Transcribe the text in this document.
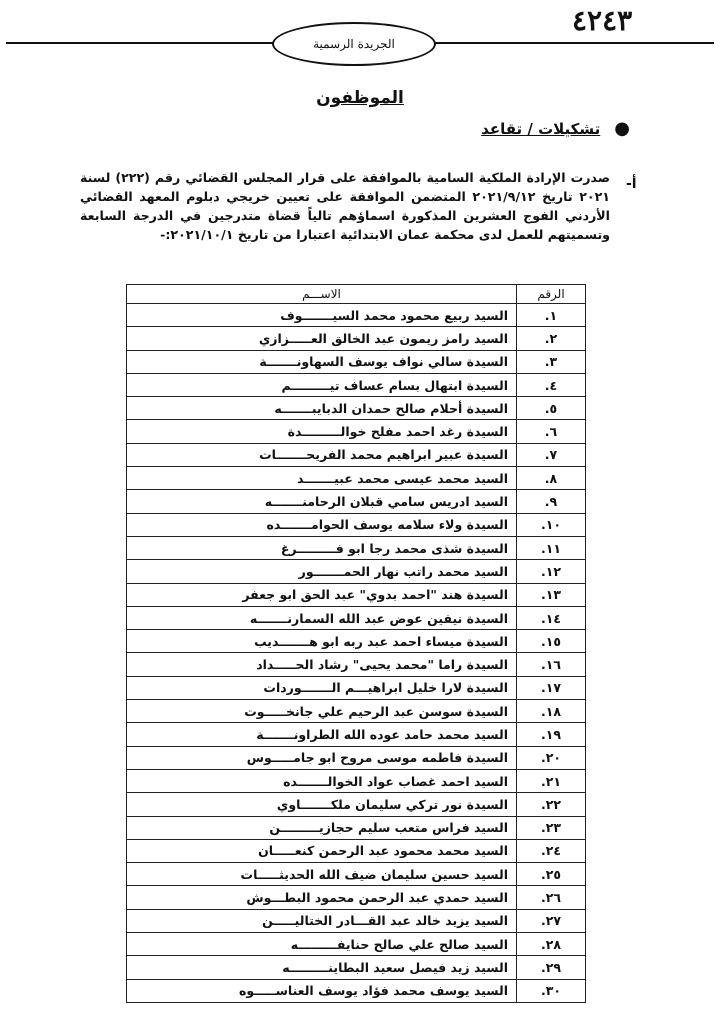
٤٢٤٣
الجريدة الرسمية
الموظفون
●
تشكيلات / تقاعد
أ-
صدرت الإرادة الملكية السامية بالموافقة على قرار المجلس القضائي رقم (٢٢٢) لسنة ٢٠٢١ تاريخ ٢٠٢١/٩/١٢ المتضمن الموافقة على تعيين خريجي دبلوم المعهد القضائي الأردني الفوج العشرين المذكورة اسماؤهم تالياً قضاة متدرجين في الدرجة السابعة وتسميتهم للعمل لدى محكمة عمان الابتدائية اعتبارا من تاريخ ٢٠٢١/١٠/١:-
الرقم	الاســـم
١.	السيد ربيع محمود محمد السيـــــــوف
٢.	السيد رامز ريمون عبد الخالق العـــــزازي
٣.	السيدة سالي نواف يوسف السهاونـــــــة
٤.	السيدة ابتهال بسام عساف تيـــــــــم
٥.	السيدة أحلام صالح حمدان الدبايبـــــــه
٦.	السيدة رغد احمد مفلح خوالـــــــــدة
٧.	السيدة عبير ابراهيم محمد الفريحـــــــات
٨.	السيد محمد عيسى محمد عبيـــــــد
٩.	السيد ادريس سامي قبلان الرحامنـــــــه
١٠.	السيدة ولاء سلامه يوسف الحوامـــــــده
١١.	السيدة شذى محمد رجا ابو فـــــــــرغ
١٢.	السيد محمد راتب نهار الحمـــــــور
١٣.	السيدة هند "احمد بدوي" عبد الحق ابو جعفر
١٤.	السيدة نيفين عوض عبد الله السمارنـــــــه
١٥.	السيدة ميساء احمد عبد ربه ابو هـــــــديب
١٦.	السيدة راما "محمد يحيى" رشاد الحـــــداد
١٧.	السيدة لارا خليل ابراهيـــم الـــــــوردات
١٨.	السيدة سوسن عبد الرحيم علي جانخـــــوت
١٩.	السيد محمد حامد عوده الله الطراونـــــــة
٢٠.	السيدة فاطمه موسى مروح ابو جامـــــوس
٢١.	السيد احمد غصاب عواد الخوالـــــــده
٢٢.	السيدة نور تركي سليمان ملكـــــــاوي
٢٣.	السيد فراس متعب سليم حجازيـــــــــن
٢٤.	السيد محمد محمود عبد الرحمن كنعـــــان
٢٥.	السيد حسين سليمان ضيف الله الحديثـــــات
٢٦.	السيد حمدي عبد الرحمن محمود البطـــوش
٢٧.	السيد يزيد خالد عبد القـــادر الختاليـــــن
٢٨.	السيد صالح علي صالح حنايفـــــــــه
٢٩.	السيد زيد فيصل سعيد البطاينـــــــــه
٣٠.	السيد يوسف محمد فؤاد يوسف العناســـــوه
